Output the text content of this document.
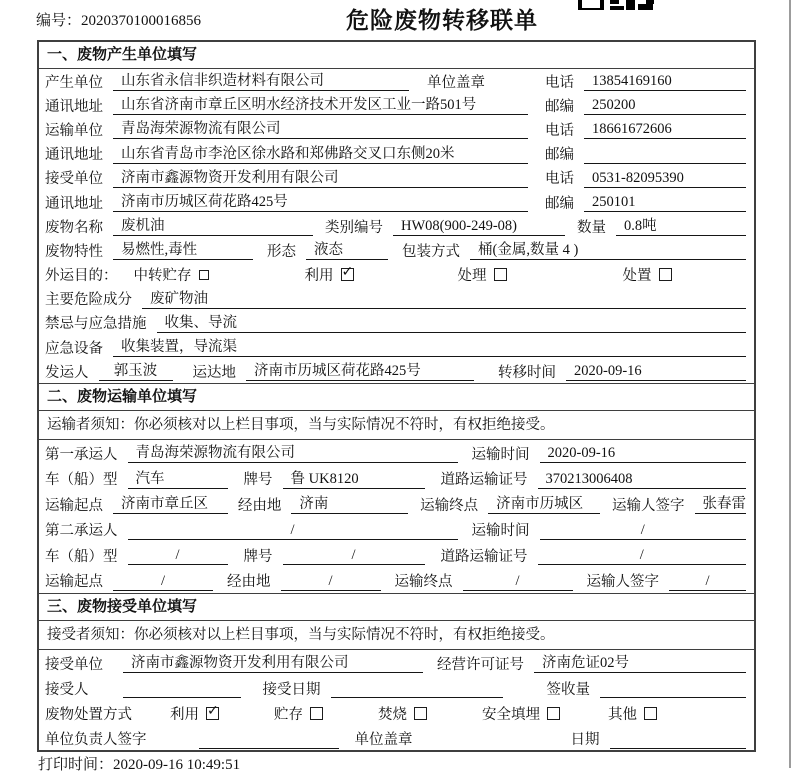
编号：2020370100016856	危险废物转移联单
一、废物产生单位填写
产生单位	山东省永信非织造材料有限公司	单位盖章	电话	13854169160
通讯地址	山东省济南市章丘区明水经济技术开发区工业一路501号	邮编	250200
运输单位	青岛海荣源物流有限公司	电话	18661672606
通讯地址	山东省青岛市李沧区徐水路和郑佛路交叉口东侧20米	邮编
接受单位	济南市鑫源物资开发利用有限公司	电话	0531-82095390
通讯地址	济南市历城区荷花路425号	邮编	250101
废物名称	废机油	类别编号	HW08(900-249-08)	数量	0.8吨
废物特性	易燃性,毒性	形态	液态	包装方式	桶(金属,数量 4 )
外运目的： 中转贮存	利用 ✓	处理	处置
主要危险成分	废矿物油
禁忌与应急措施	收集、导流
应急设备	收集装置，导流渠
发运人	郭玉波	运达地	济南市历城区荷花路425号	转移时间	2020-09-16
二、废物运输单位填写
运输者须知：你必须核对以上栏目事项，当与实际情况不符时，有权拒绝接受。
第一承运人	青岛海荣源物流有限公司	运输时间	2020-09-16
车（船）型	汽车	牌号	鲁 UK8120	道路运输证号	370213006408
运输起点	济南市章丘区	经由地	济南	运输终点	济南市历城区	运输人签字	张春雷
第二承运人	/	运输时间	/
车（船）型	/	牌号	/	道路运输证号	/
运输起点	/	经由地	/	运输终点	/	运输人签字	/
三、废物接受单位填写
接受者须知：你必须核对以上栏目事项，当与实际情况不符时，有权拒绝接受。
接受单位	济南市鑫源物资开发利用有限公司	经营许可证号	济南危证02号
接受人	接受日期	签收量
废物处置方式	利用 ✓	贮存	焚烧	安全填埋	其他
单位负责人签字	单位盖章	日期
打印时间：2020-09-16 10:49:51
